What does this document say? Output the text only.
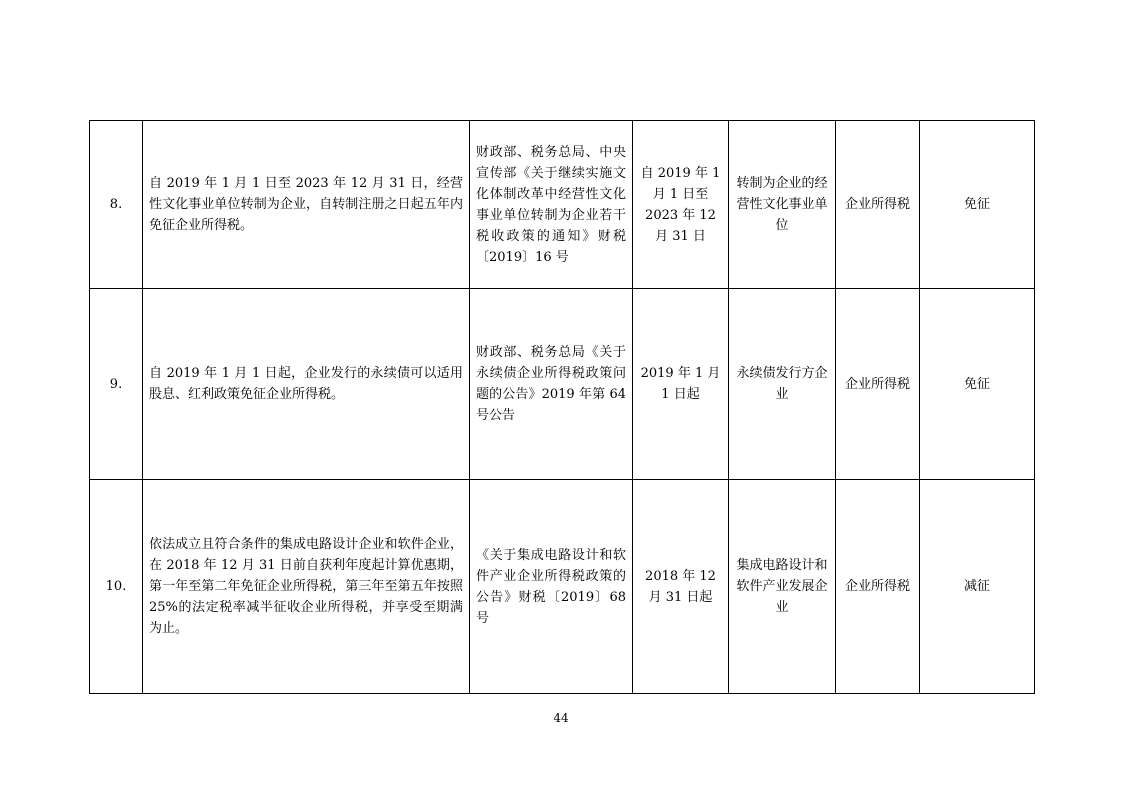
8.	自 2019 年 1 月 1 日至 2023 年 12 月 31 日，经营性文化事业单位转制为企业，自转制注册之日起五年内免征企业所得税。	财政部、税务总局、中央宣传部《关于继续实施文化体制改革中经营性文化事业单位转制为企业若干税收政策的通知》财税〔2019〕16 号	自 2019 年 1 月 1 日至 2023 年 12 月 31 日	转制为企业的经营性文化事业单位	企业所得税	免征
9.	自 2019 年 1 月 1 日起，企业发行的永续债可以适用股息、红利政策免征企业所得税。	财政部、税务总局《关于永续债企业所得税政策问题的公告》2019 年第 64 号公告	2019 年 1 月 1 日起	永续债发行方企业	企业所得税	免征
10.	依法成立且符合条件的集成电路设计企业和软件企业，在 2018 年 12 月 31 日前自获利年度起计算优惠期，第一年至第二年免征企业所得税，第三年至第五年按照 25%的法定税率减半征收企业所得税，并享受至期满为止。	《关于集成电路设计和软件产业企业所得税政策的公告》财税〔2019〕68 号	2018 年 12 月 31 日起	集成电路设计和软件产业发展企业	企业所得税	减征
44
